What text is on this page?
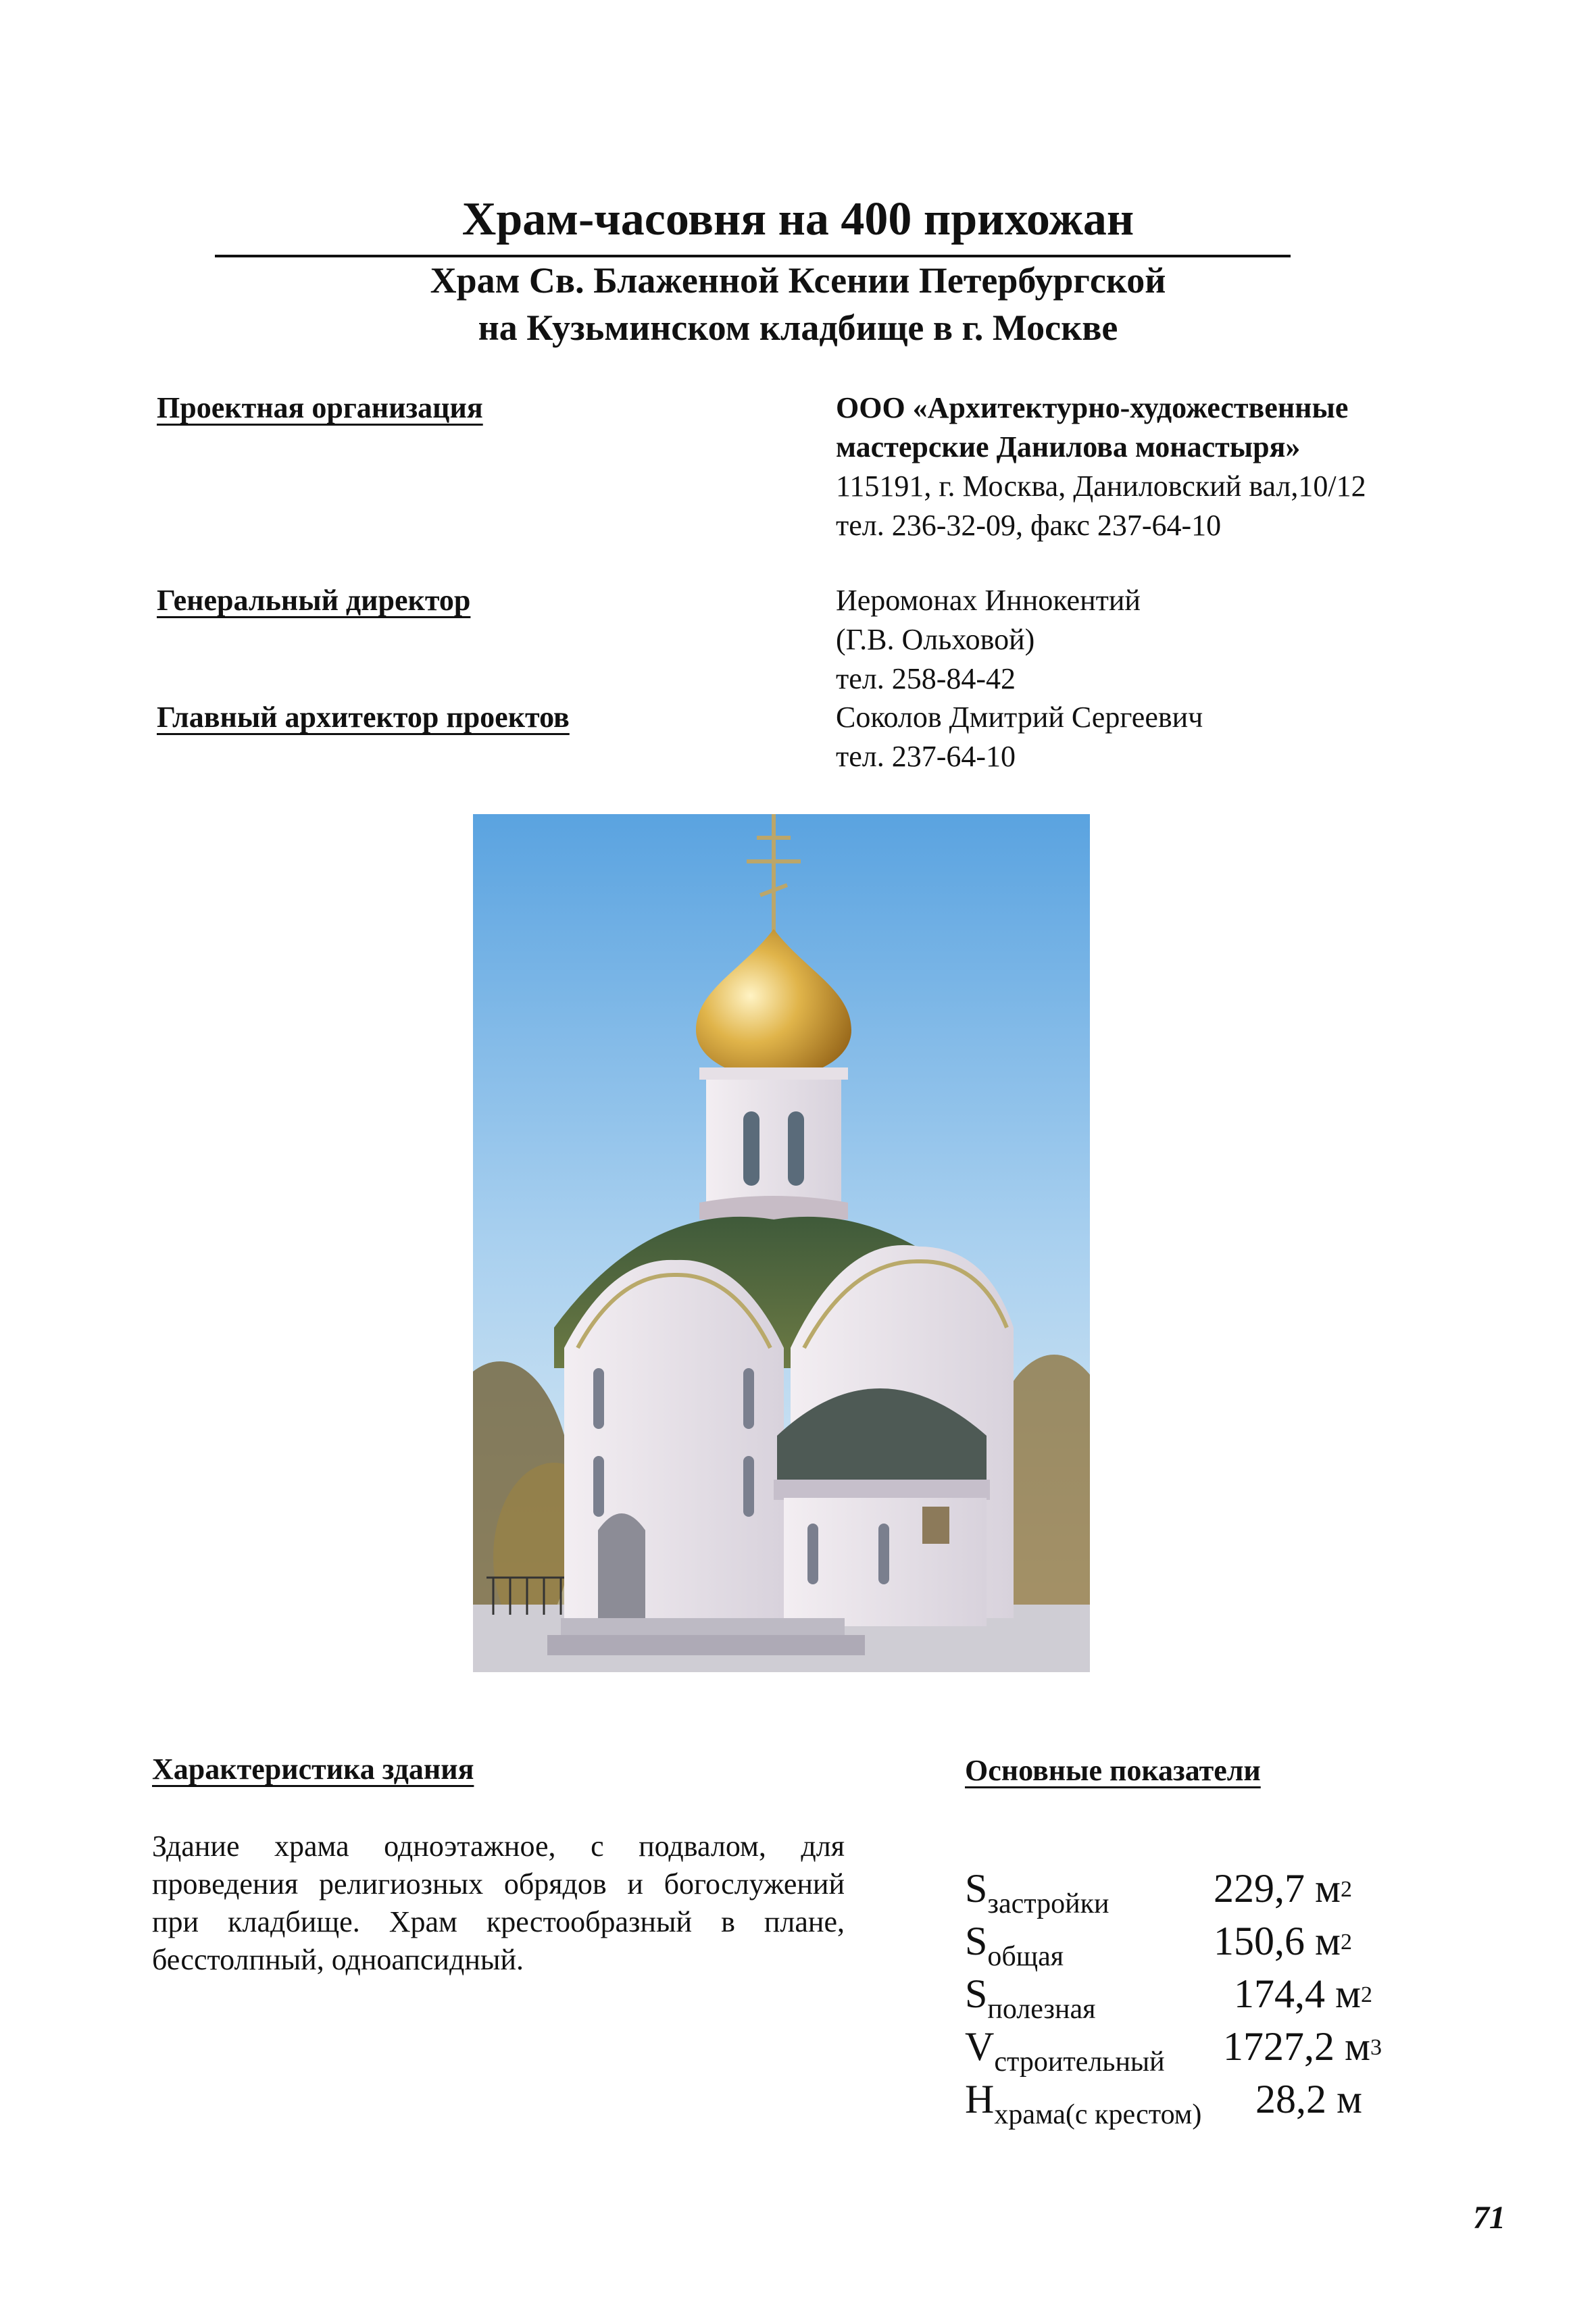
Храм-часовня на 400 прихожан
Храм Св. Блаженной Ксении Петербургской
на Кузьминском кладбище в г. Москве
Проектная организация	ООО «Архитектурно-художественные
мастерские Данилова монастыря»
115191, г. Москва, Даниловский вал,10/12
тел. 236-32-09, факс 237-64-10
Генеральный директор	Иеромонах Иннокентий
(Г.В. Ольховой)
тел. 258-84-42
Главный архитектор проектов	Соколов Дмитрий Сергеевич
тел. 237-64-10
Характеристика здания
Здание храма одноэтажное, с подвалом, для проведения религиозных обрядов и богослужений при кладбище. Храм крестообразный в плане, бесстолпный, одноапсидный.
Основные показатели
$S_{застройки}$	229,7 $м^2$
$S_{общая}$	150,6 $м^2$
$S_{полезная}$	174,4 $м^2$
$V_{строительный}$ 1727,2 $м^3$
$H_{храма(с крестом)}$ 28,2 м
71
